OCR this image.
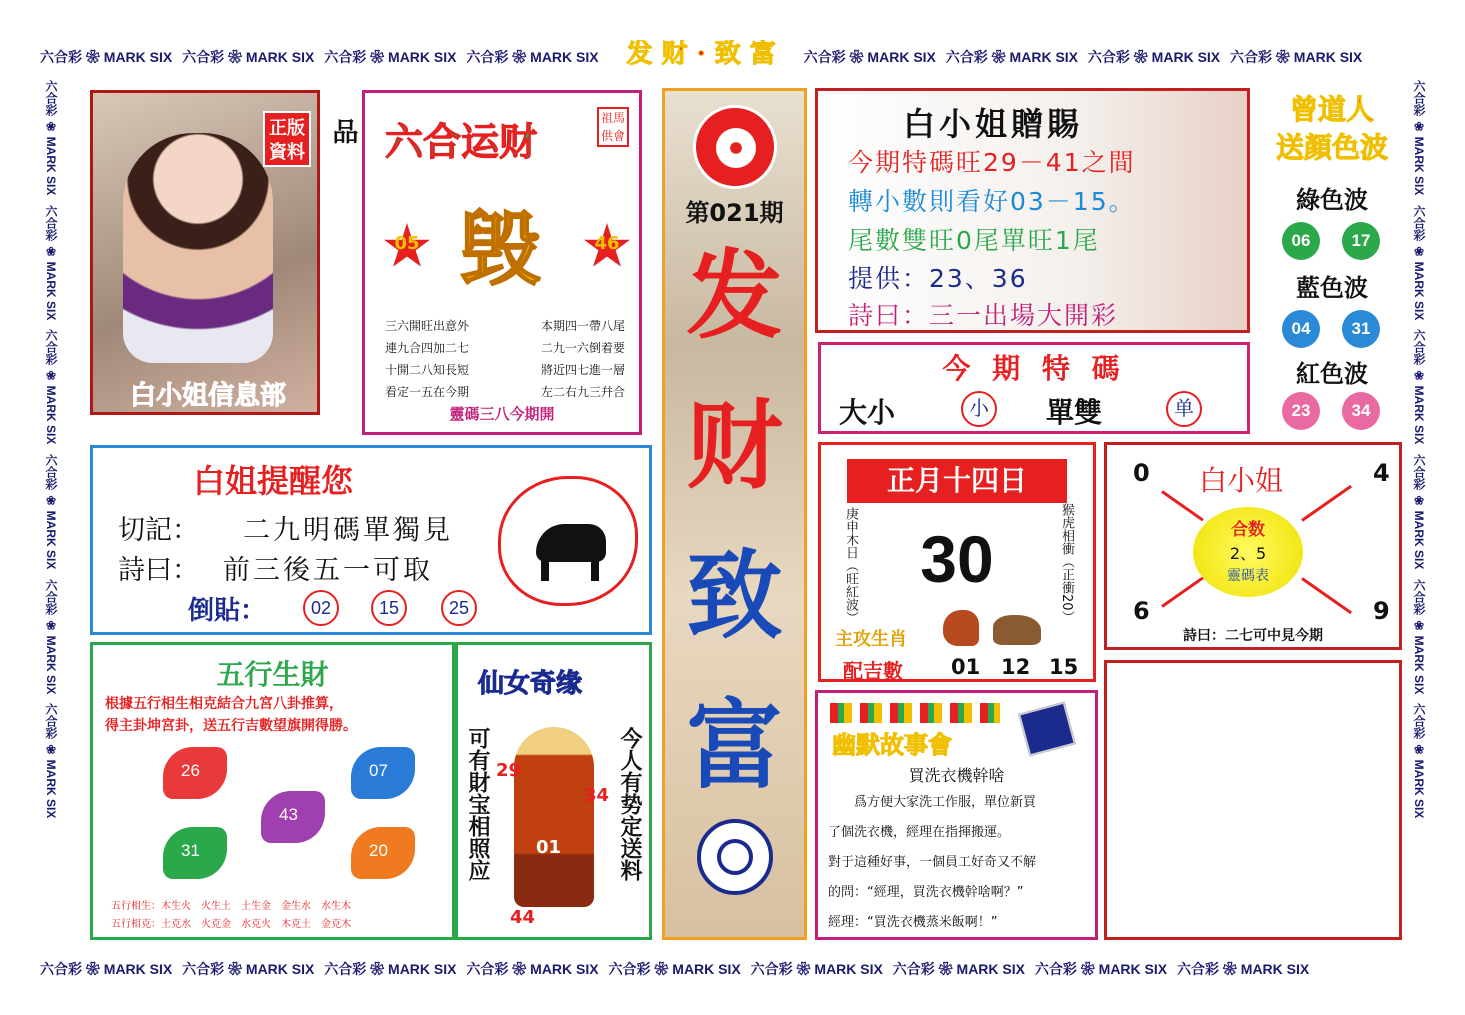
六合彩 ❀ MARK SIX 六合彩 ❀ MARK SIX 六合彩 ❀ MARK SIX 六合彩 ❀ MARK SIX 发 财 · 致 富 六合彩 ❀ MARK SIX 六合彩 ❀ MARK SIX 六合彩 ❀ MARK SIX 六合彩 ❀ MARK SIX
六合彩 ❀ MARK SIX 六合彩 ❀ MARK SIX 六合彩 ❀ MARK SIX 六合彩 ❀ MARK SIX 六合彩 ❀ MARK SIX 六合彩 ❀ MARK SIX 六合彩 ❀ MARK SIX 六合彩 ❀ MARK SIX 六合彩 ❀ MARK SIX
六合彩 ❀ MARK SIX 六合彩 ❀ MARK SIX 六合彩 ❀ MARK SIX 六合彩 ❀ MARK SIX 六合彩 ❀ MARK SIX 六合彩 ❀ MARK SIX
六合彩 ❀ MARK SIX 六合彩 ❀ MARK SIX 六合彩 ❀ MARK SIX 六合彩 ❀ MARK SIX 六合彩 ❀ MARK SIX 六合彩 ❀ MARK SIX
正版資料
白小姐信息部
品 六合运财
祖馬供會
毁
05	46
三六開旺出意外	本期四一帶八尾
連九合四加二七	二九一六倒着要
十開二八知長短	將近四七進一層
看定一五在今期	左二右九三幷合
靈碼三八今期開
第021期
发
财
致
富
白小姐贈賜
今期特碼旺29－41之間
轉小數則看好03－15。
尾數雙旺0尾單旺1尾
提供：23、36
詩曰：三一出場大開彩
今 期 特 碼
大小	小 單雙	单
曾道人
送顏色波
綠色波
06	17
藍色波
04	31
紅色波
23	34
白姐提醒您
切記： 二九明碼單獨見
詩曰： 前三後五一可取
倒貼：	02	15	25
正月十四日
庚申木日（旺紅波） 30	猴虎相衝（正衝20）
主攻生肖
配吉數 01 12 15
白小姐
0	4
6	9
合数
2、5
靈碼表
詩曰：二七可中見今期
五行生財
根據五行相生相克結合九宮八卦推算，
得主卦坤宮卦，送五行吉數望旗開得勝。
26	07
43
31	20
五行相生：木生火　火生土　土生金　金生水　水生木
五行相克：土克水　火克金　水克火　木克土　金克木
仙女奇缘
可有財宝相照应	今人有势定送料
29
34
01
44
幽默故事會
買洗衣機幹啥
爲方便大家洗工作服，單位新買
了個洗衣機，經理在指揮搬運。
對于這種好事，一個員工好奇又不解
的問：“經理，買洗衣機幹啥啊？”
經理：“買洗衣機蒸米飯啊！”
